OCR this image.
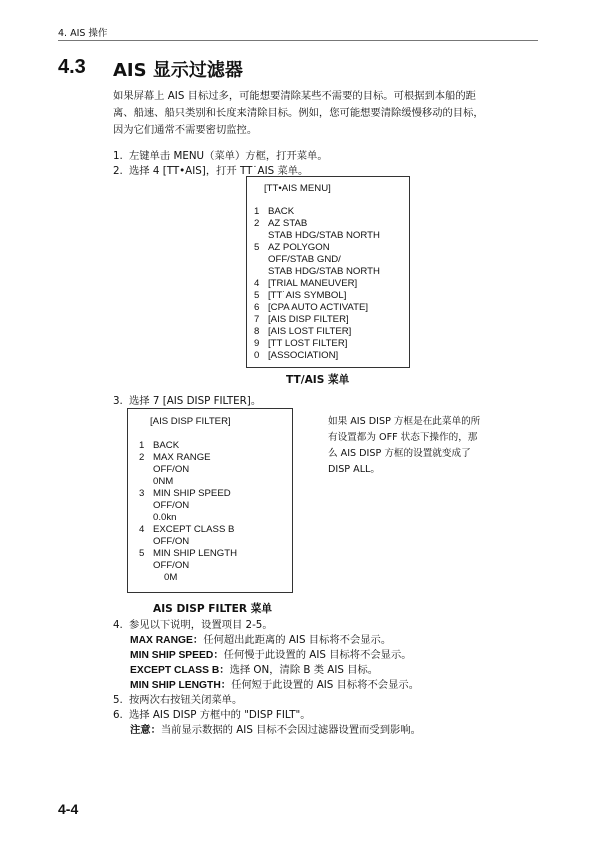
4. AIS 操作
4.3 AIS 显示过滤器
如果屏幕上 AIS 目标过多，可能想要清除某些不需要的目标。可根据到本船的距
离、船速、船只类别和长度来清除目标。例如，您可能想要清除缓慢移动的目标，
因为它们通常不需要密切监控。
1. 左键单击 MENU（菜单）方框，打开菜单。
2. 选择 4 [TT•AIS]，打开 TT˙AIS 菜单。
[TT•AIS MENU]
1 BACK
2 AZ STAB
STAB HDG/STAB NORTH
5 AZ POLYGON
OFF/STAB GND/
STAB HDG/STAB NORTH
4 [TRIAL MANEUVER]
5 [TT˙AIS SYMBOL]
6 [CPA AUTO ACTIVATE]
7 [AIS DISP FILTER]
8 [AIS LOST FILTER]
9 [TT LOST FILTER]
0 [ASSOCIATION]
TT/AIS 菜单
3. 选择 7 [AIS DISP FILTER]。
[AIS DISP FILTER]
1 BACK
2 MAX RANGE
OFF/ON
0NM
3 MIN SHIP SPEED
OFF/ON
0.0kn
4 EXCEPT CLASS B
OFF/ON
5 MIN SHIP LENGTH
OFF/ON
0M
AIS DISP FILTER 菜单
如果 AIS DISP 方框是在此菜单的所
有设置都为 OFF 状态下操作的，那
么 AIS DISP 方框的设置就变成了
DISP ALL。
4. 参见以下说明，设置项目 2-5。
MAX RANGE：任何超出此距离的 AIS 目标将不会显示。
MIN SHIP SPEED：任何慢于此设置的 AIS 目标将不会显示。
EXCEPT CLASS B：选择 ON，清除 B 类 AIS 目标。
MIN SHIP LENGTH：任何短于此设置的 AIS 目标将不会显示。
5. 按两次右按钮关闭菜单。
6. 选择 AIS DISP 方框中的 "DISP FILT"。
注意：当前显示数据的 AIS 目标不会因过滤器设置而受到影响。
4-4
